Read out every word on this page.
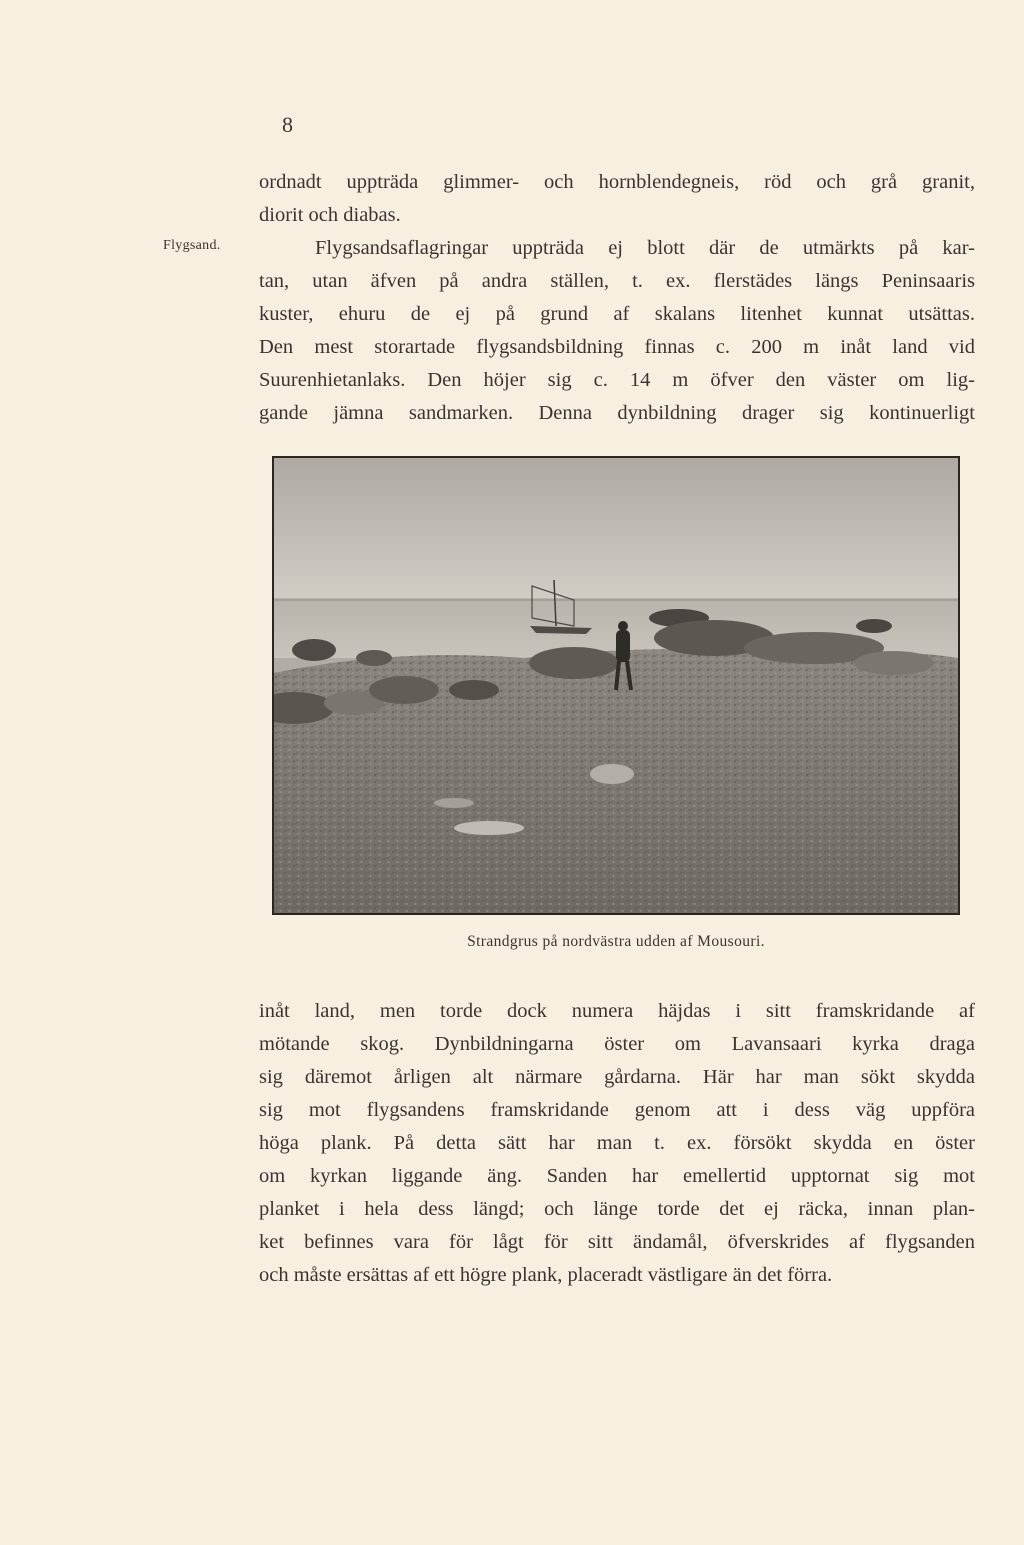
8
Flygsand.
ordnadt uppträda glimmer- och hornblendegneis, röd och grå granit,
diorit och diabas.
Flygsandsaflagringar uppträda ej blott där de utmärkts på kar-
tan, utan äfven på andra ställen, t. ex. flerstädes längs Peninsaaris
kuster, ehuru de ej på grund af skalans litenhet kunnat utsättas.
Den mest storartade flygsandsbildning finnas c. 200 m inåt land vid
Suurenhietanlaks. Den höjer sig c. 14 m öfver den väster om lig-
gande jämna sandmarken. Denna dynbildning drager sig kontinuerligt
Strandgrus på nordvästra udden af Mousouri.
inåt land, men torde dock numera häjdas i sitt framskridande af
mötande skog. Dynbildningarna öster om Lavansaari kyrka draga
sig däremot årligen alt närmare gårdarna. Här har man sökt skydda
sig mot flygsandens framskridande genom att i dess väg uppföra
höga plank. På detta sätt har man t. ex. försökt skydda en öster
om kyrkan liggande äng. Sanden har emellertid upptornat sig mot
planket i hela dess längd; och länge torde det ej räcka, innan plan-
ket befinnes vara för lågt för sitt ändamål, öfverskrides af flygsanden
och måste ersättas af ett högre plank, placeradt västligare än det förra.
